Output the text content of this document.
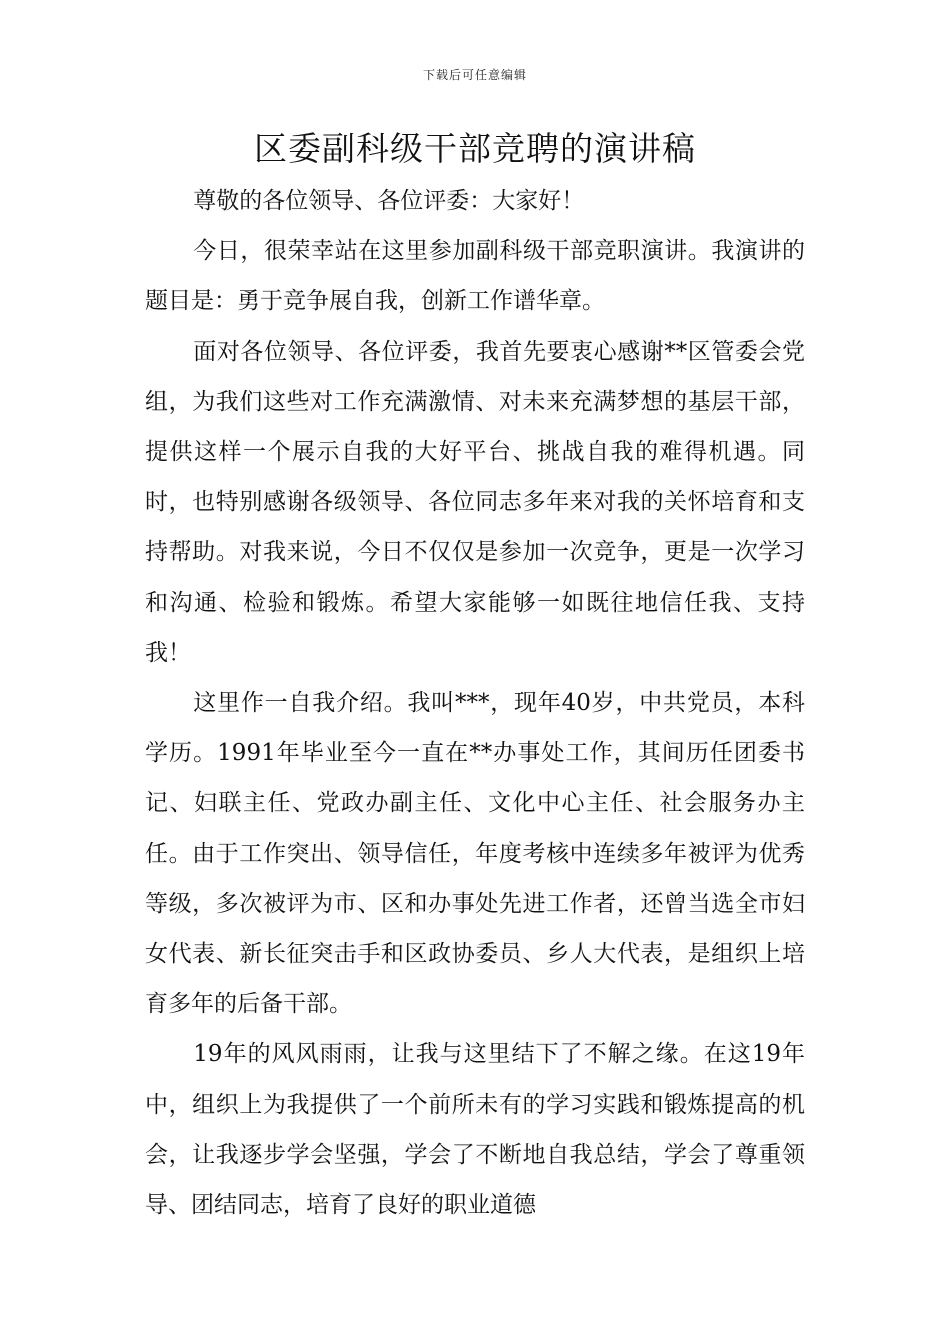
下载后可任意编辑
区委副科级干部竞聘的演讲稿

尊敬的各位领导、各位评委：大家好！

今日，很荣幸站在这里参加副科级干部竞职演讲。我演讲的题目是：勇于竞争展自我，创新工作谱华章。

面对各位领导、各位评委，我首先要衷心感谢**区管委会党组，为我们这些对工作充满激情、对未来充满梦想的基层干部，提供这样一个展示自我的大好平台、挑战自我的难得机遇。同时，也特别感谢各级领导、各位同志多年来对我的关怀培育和支持帮助。对我来说，今日不仅仅是参加一次竞争，更是一次学习和沟通、检验和锻炼。希望大家能够一如既往地信任我、支持我！

这里作一自我介绍。我叫***，现年40岁，中共党员，本科学历。1991年毕业至今一直在**办事处工作，其间历任团委书记、妇联主任、党政办副主任、文化中心主任、社会服务办主任。由于工作突出、领导信任，年度考核中连续多年被评为优秀等级，多次被评为市、区和办事处先进工作者，还曾当选全市妇女代表、新长征突击手和区政协委员、乡人大代表，是组织上培育多年的后备干部。

19年的风风雨雨，让我与这里结下了不解之缘。在这19年中，组织上为我提供了一个前所未有的学习实践和锻炼提高的机会，让我逐步学会坚强，学会了不断地自我总结，学会了尊重领导、团结同志，培育了良好的职业道德
